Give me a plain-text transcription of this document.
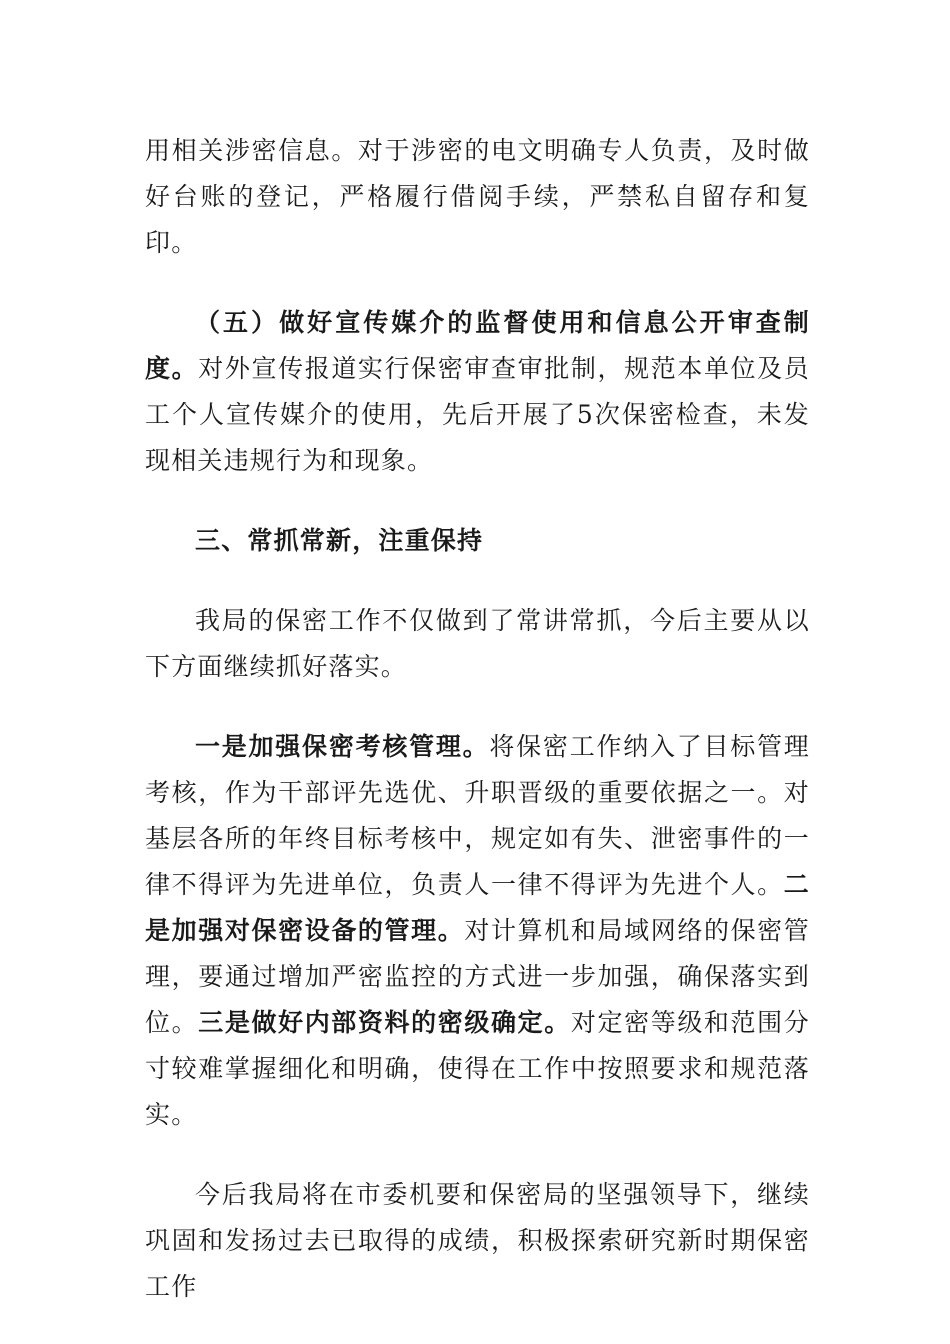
用相关涉密信息。对于涉密的电文明确专人负责，及时做好台账的登记，严格履行借阅手续，严禁私自留存和复印。

（五）做好宣传媒介的监督使用和信息公开审查制度。对外宣传报道实行保密审查审批制，规范本单位及员工个人宣传媒介的使用，先后开展了5次保密检查，未发现相关违规行为和现象。

三、常抓常新，注重保持

我局的保密工作不仅做到了常讲常抓，今后主要从以下方面继续抓好落实。

一是加强保密考核管理。将保密工作纳入了目标管理考核，作为干部评先选优、升职晋级的重要依据之一。对基层各所的年终目标考核中，规定如有失、泄密事件的一律不得评为先进单位，负责人一律不得评为先进个人。二是加强对保密设备的管理。对计算机和局域网络的保密管理，要通过增加严密监控的方式进一步加强，确保落实到位。三是做好内部资料的密级确定。对定密等级和范围分寸较难掌握细化和明确，使得在工作中按照要求和规范落实。

今后我局将在市委机要和保密局的坚强领导下，继续巩固和发扬过去已取得的成绩，积极探索研究新时期保密工作
